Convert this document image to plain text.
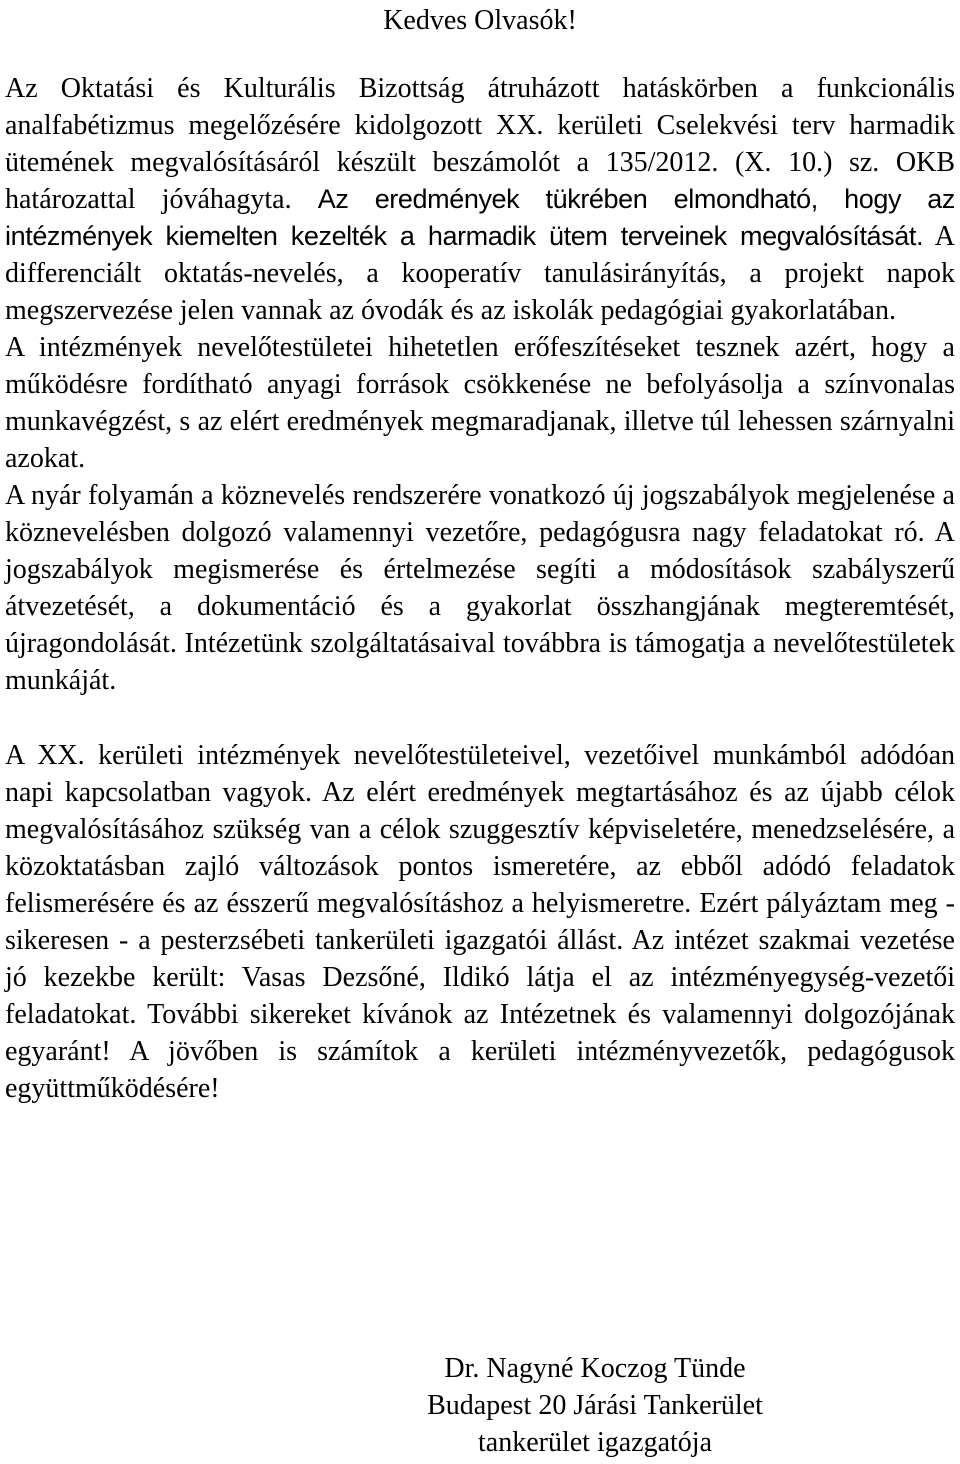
Kedves Olvasók!

Az Oktatási és Kulturális Bizottság átruházott hatáskörben a funkcionális analfabétizmus megelőzésére kidolgozott XX. kerületi Cselekvési terv harmadik ütemének megvalósításáról készült beszámolót a 135/2012. (X. 10.) sz. OKB határozattal jóváhagyta. Az eredmények tükrében elmondható, hogy az intézmények kiemelten kezelték a harmadik ütem terveinek megvalósítását. A differenciált oktatás-nevelés, a kooperatív tanulásirányítás, a projekt napok megszervezése jelen vannak az óvodák és az iskolák pedagógiai gyakorlatában.

A intézmények nevelőtestületei hihetetlen erőfeszítéseket tesznek azért, hogy a működésre fordítható anyagi források csökkenése ne befolyásolja a színvonalas munkavégzést, s az elért eredmények megmaradjanak, illetve túl lehessen szárnyalni azokat.

A nyár folyamán a köznevelés rendszerére vonatkozó új jogszabályok megjelenése a köznevelésben dolgozó valamennyi vezetőre, pedagógusra nagy feladatokat ró. A jogszabályok megismerése és értelmezése segíti a módosítások szabályszerű átvezetését, a dokumentáció és a gyakorlat összhangjának megteremtését, újragondolását. Intézetünk szolgáltatásaival továbbra is támogatja a nevelőtestületek munkáját.

A XX. kerületi intézmények nevelőtestületeivel, vezetőivel munkámból adódóan napi kapcsolatban vagyok. Az elért eredmények megtartásához és az újabb célok megvalósításához szükség van a célok szuggesztív képviseletére, menedzselésére, a közoktatásban zajló változások pontos ismeretére, az ebből adódó feladatok felismerésére és az ésszerű megvalósításhoz a helyismeretre. Ezért pályáztam meg - sikeresen - a pesterzsébeti tankerületi igazgatói állást. Az intézet szakmai vezetése jó kezekbe került: Vasas Dezsőné, Ildikó látja el az intézményegység-vezetői feladatokat. További sikereket kívánok az Intézetnek és valamennyi dolgozójának egyaránt! A jövőben is számítok a kerületi intézményvezetők, pedagógusok együttműködésére!

Dr. Nagyné Koczog Tünde
Budapest 20 Járási Tankerület
tankerület igazgatója
